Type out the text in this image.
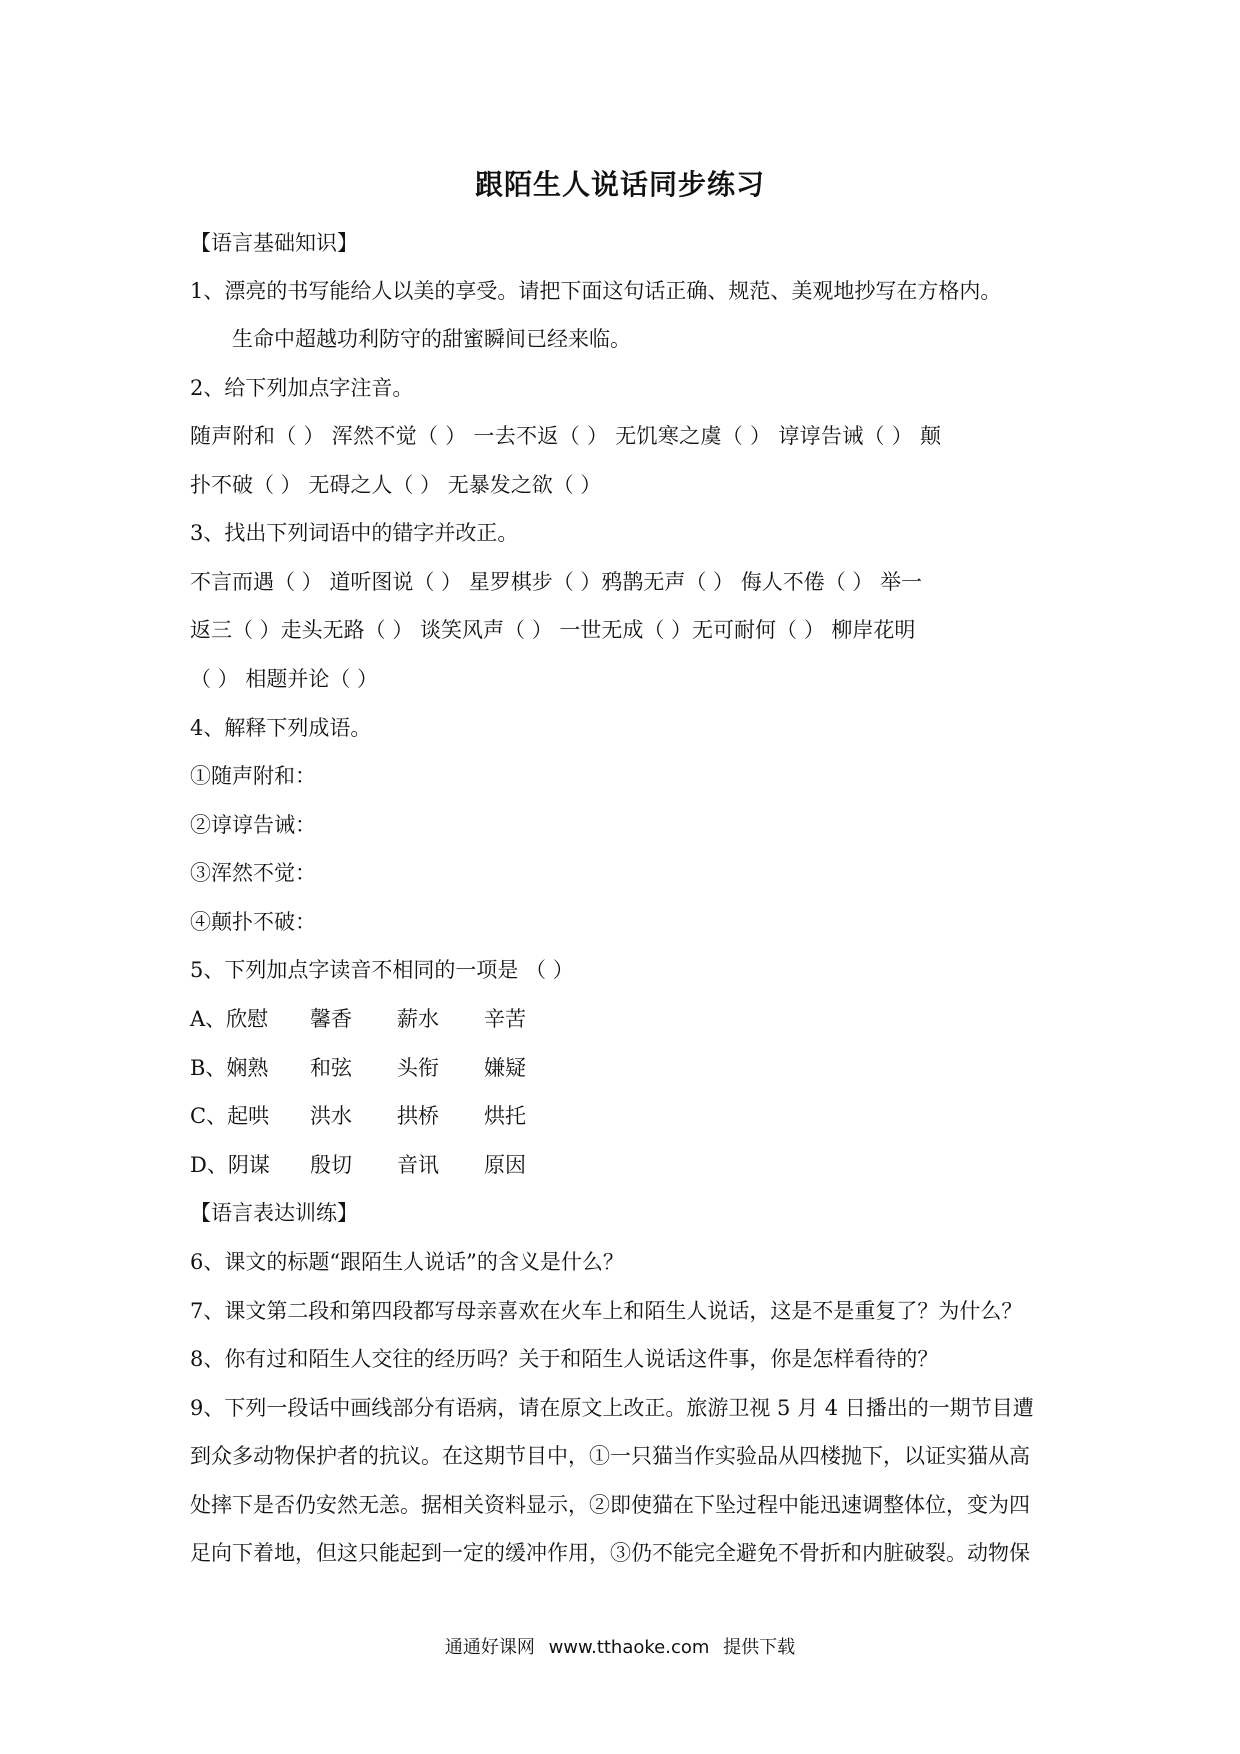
跟陌生人说话同步练习
【语言基础知识】
1、漂亮的书写能给人以美的享受。请把下面这句话正确、规范、美观地抄写在方格内。
生命中超越功利防守的甜蜜瞬间已经来临。
2、给下列加点字注音。
随声附和（ ） 浑然不觉（ ） 一去不返（ ） 无饥寒之虞（ ） 谆谆告诫（ ） 颠
扑不破（ ） 无碍之人（ ） 无暴发之欲（ ）
3、找出下列词语中的错字并改正。
不言而遇（ ） 道听图说（ ） 星罗棋步（ ）鸦鹊无声（ ） 侮人不倦（ ） 举一
返三（ ）走头无路（ ） 谈笑风声（ ） 一世无成（ ）无可耐何（ ） 柳岸花明
（ ） 相题并论（ ）
4、解释下列成语。
①随声附和：
②谆谆告诫：
③浑然不觉：
④颠扑不破：
5、下列加点字读音不相同的一项是 （ ）
A、欣慰 馨香 薪水 辛苦
B、娴熟 和弦 头衔 嫌疑
C、起哄 洪水 拱桥 烘托
D、阴谋 殷切 音讯 原因
【语言表达训练】
6、课文的标题“跟陌生人说话”的含义是什么？
7、课文第二段和第四段都写母亲喜欢在火车上和陌生人说话，这是不是重复了？为什么？
8、你有过和陌生人交往的经历吗？关于和陌生人说话这件事，你是怎样看待的？
9、下列一段话中画线部分有语病，请在原文上改正。旅游卫视 5 月 4 日播出的一期节目遭
到众多动物保护者的抗议。在这期节目中，①一只猫当作实验品从四楼抛下，以证实猫从高
处摔下是否仍安然无恙。据相关资料显示，②即使猫在下坠过程中能迅速调整体位，变为四
足向下着地，但这只能起到一定的缓冲作用，③仍不能完全避免不骨折和内脏破裂。动物保
通通好课网 www.tthaoke.com 提供下载
